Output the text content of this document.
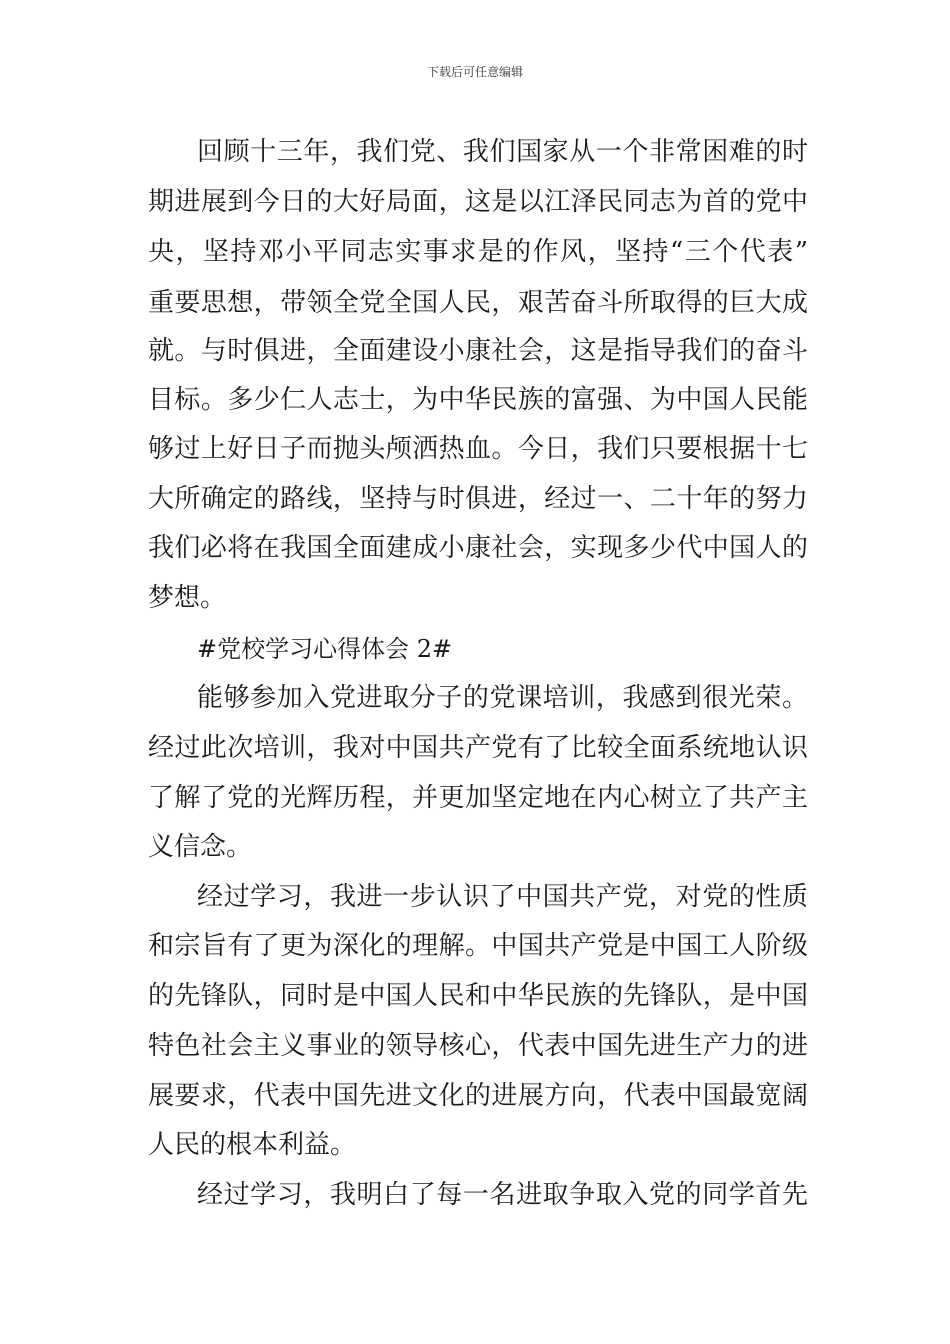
下载后可任意编辑
回顾十三年，我们党、我们国家从一个非常困难的时
期进展到今日的大好局面，这是以江泽民同志为首的党中
央，坚持邓小平同志实事求是的作风，坚持“三个代表”
重要思想，带领全党全国人民，艰苦奋斗所取得的巨大成
就。与时俱进，全面建设小康社会，这是指导我们的奋斗
目标。多少仁人志士，为中华民族的富强、为中国人民能
够过上好日子而抛头颅洒热血。今日，我们只要根据十七
大所确定的路线，坚持与时俱进，经过一、二十年的努力
我们必将在我国全面建成小康社会，实现多少代中国人的
梦想。
#党校学习心得体会 2#
能够参加入党进取分子的党课培训，我感到很光荣。
经过此次培训，我对中国共产党有了比较全面系统地认识
了解了党的光辉历程，并更加坚定地在内心树立了共产主
义信念。
经过学习，我进一步认识了中国共产党，对党的性质
和宗旨有了更为深化的理解。中国共产党是中国工人阶级
的先锋队，同时是中国人民和中华民族的先锋队，是中国
特色社会主义事业的领导核心，代表中国先进生产力的进
展要求，代表中国先进文化的进展方向，代表中国最宽阔
人民的根本利益。
经过学习，我明白了每一名进取争取入党的同学首先
